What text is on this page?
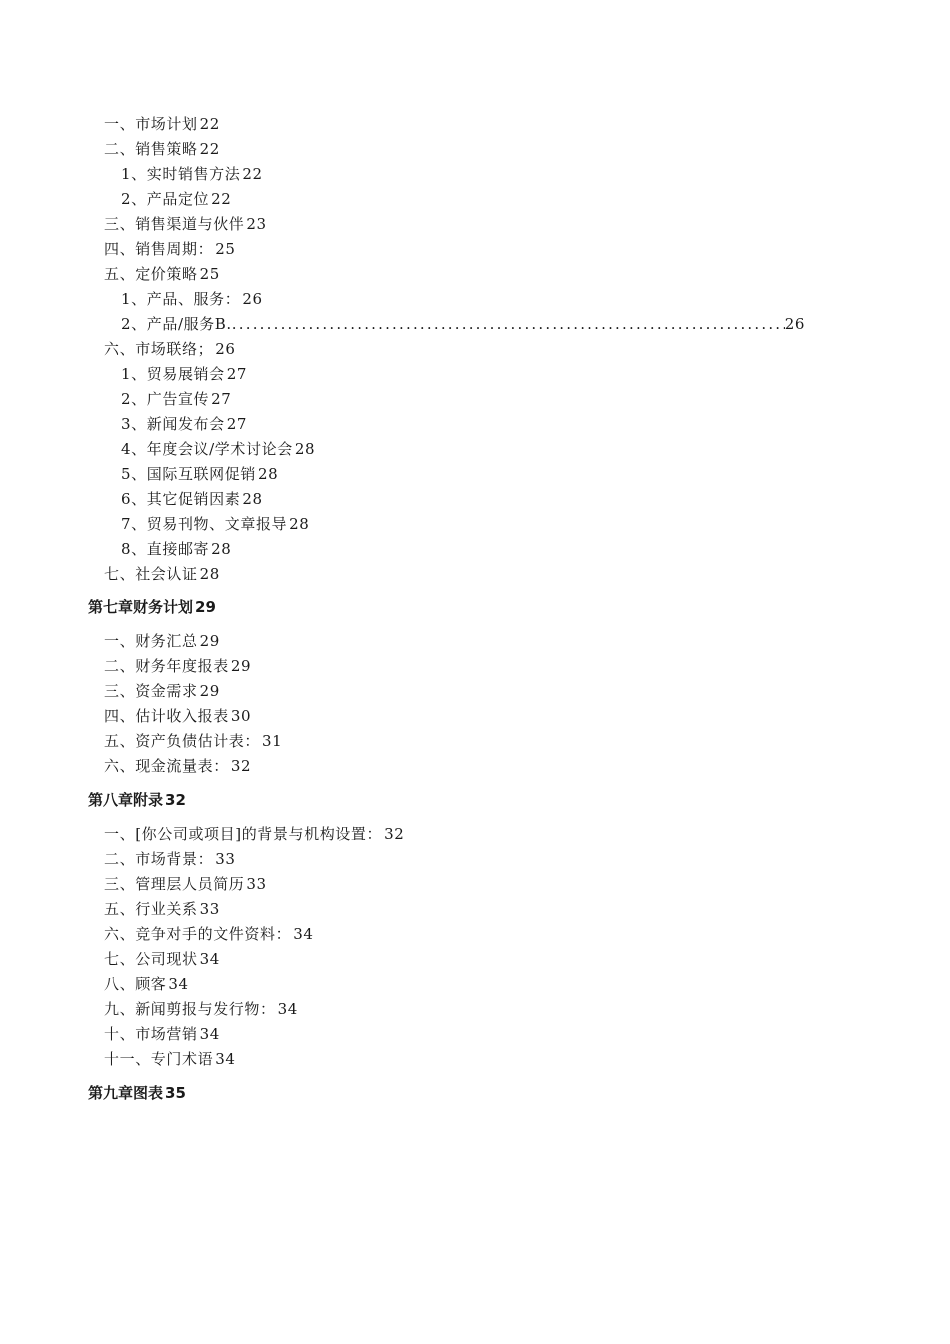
一、市场计划 22
二、销售策略 22
1、实时销售方法 22
2、产品定位 22
三、销售渠道与伙伴 23
四、销售周期： 25
五、定价策略 25
1、产品、服务： 26
2、产品/服务B.
.....	26
六、市场联络； 26
1、贸易展销会 27
2、广告宣传 27
3、新闻发布会 27
4、年度会议/学术讨论会 28
5、国际互联网促销 28
6、其它促销因素 28
7、贸易刊物、文章报导 28
8、直接邮寄 28
七、社会认证 28
第七章财务计划 29
一、财务汇总 29
二、财务年度报表 29
三、资金需求 29
四、估计收入报表 30
五、资产负债估计表： 31
六、现金流量表： 32
第八章附录 32
一、[你公司或项目]的背景与机构设置： 32
二、市场背景： 33
三、管理层人员简历 33
五、行业关系 33
六、竞争对手的文件资料： 34
七、公司现状 34
八、顾客 34
九、新闻剪报与发行物： 34
十、市场营销 34
十一、专门术语 34
第九章图表 35
